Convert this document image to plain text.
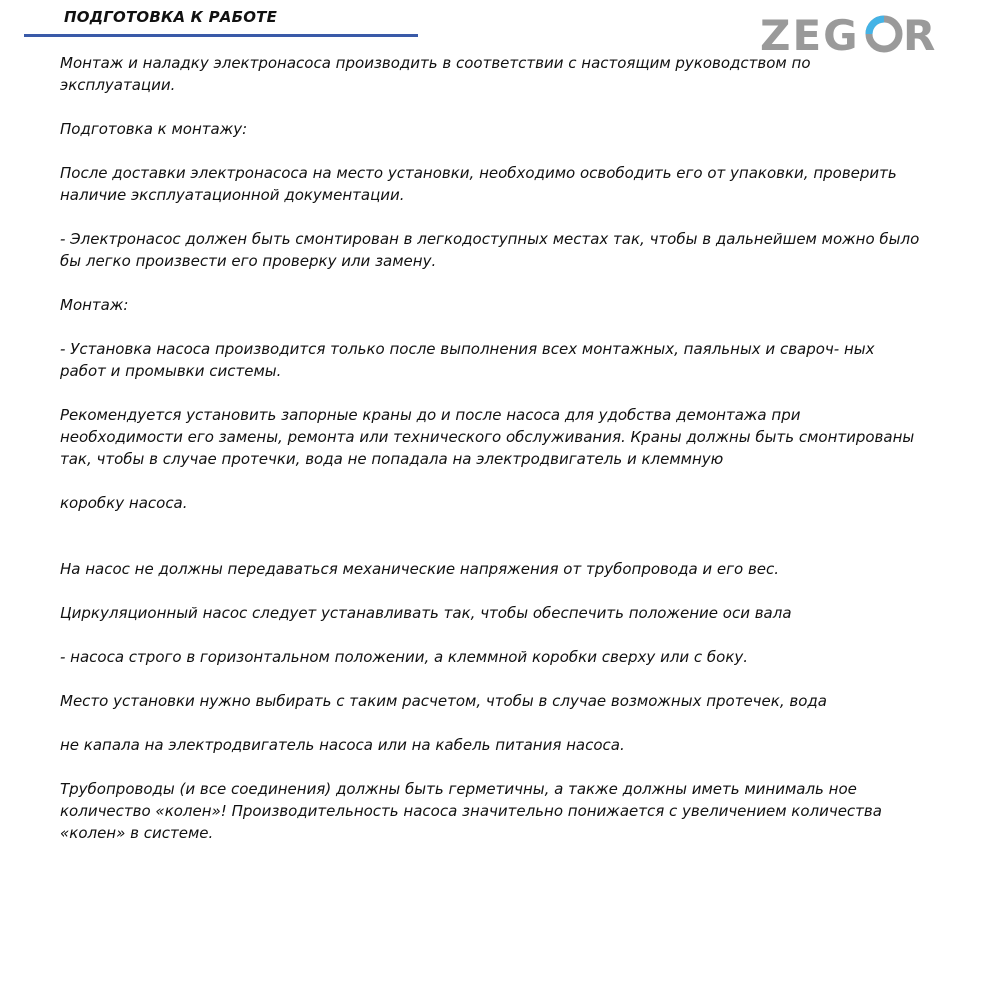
ПОДГОТОВКА К РАБОТЕ	ZEG R

Монтаж и наладку электронасоса производить в соответствии с настоящим руководством по эксплуатации.

Подготовка к монтажу:

После доставки электронасоса на место установки, необходимо освободить его от упаковки, проверить наличие эксплуатационной документации.

- Электронасос должен быть смонтирован в легкодоступных местах так, чтобы в дальнейшем можно было бы легко произвести его проверку или замену.

Монтаж:

- Установка насоса производится только после выполнения всех монтажных, паяльных и свароч- ных работ и промывки системы.

Рекомендуется установить запорные краны до и после насоса для удобства демонтажа при необходимости его замены, ремонта или технического обслуживания. Краны должны быть смонтированы так, чтобы в случае протечки, вода не попадала на электродвигатель и клеммную

коробку насоса.

На насос не должны передаваться механические напряжения от трубопровода и его вес.

Циркуляционный насос следует устанавливать так, чтобы обеспечить положение оси вала

- насоса строго в горизонтальном положении, а клеммной коробки сверху или с боку.

Место установки нужно выбирать с таким расчетом, чтобы в случае возможных протечек, вода

не капала на электродвигатель насоса или на кабель питания насоса.

Трубопроводы (и все соединения) должны быть герметичны, а также должны иметь минималь ное количество «колен»! Производительность насоса значительно понижается с увеличением количества «колен» в системе.
